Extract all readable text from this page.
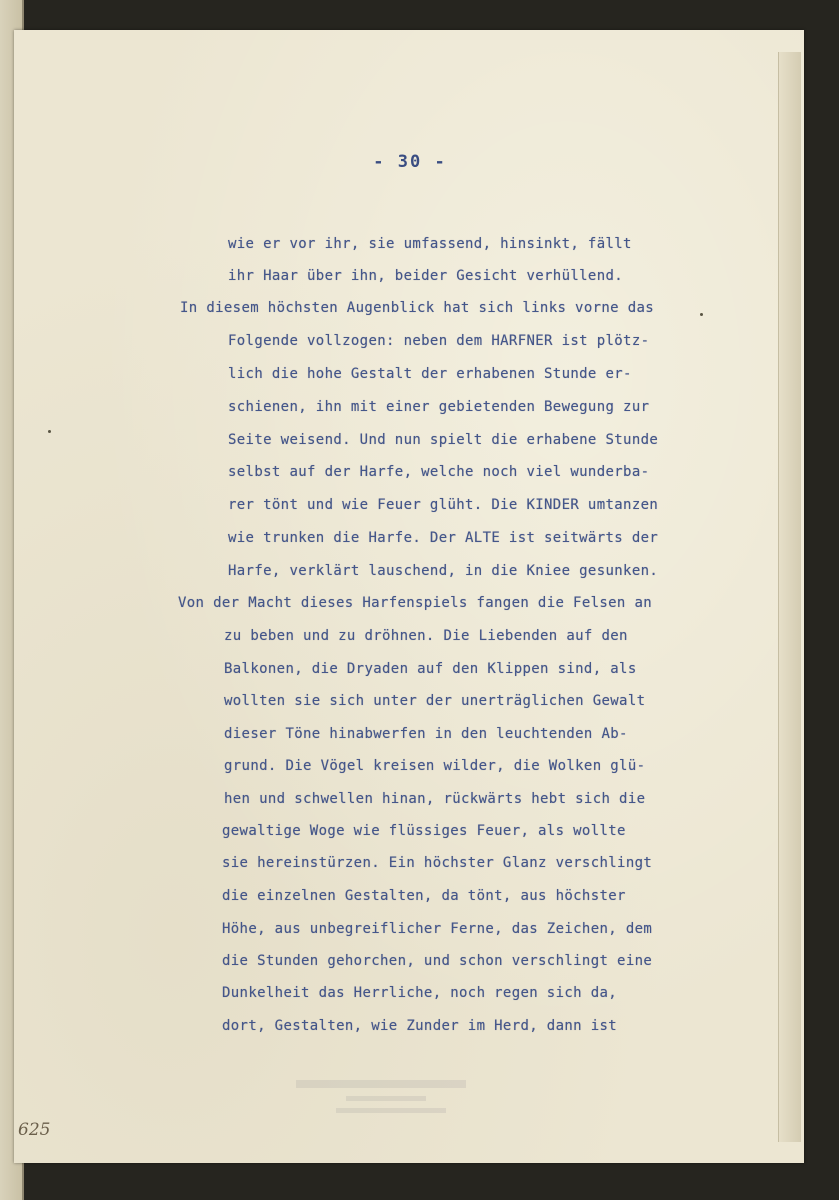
- 30 -
wie er vor ihr, sie umfassend, hinsinkt, fällt
ihr Haar über ihn, beider Gesicht verhüllend.
In diesem höchsten Augenblick hat sich links vorne das
Folgende vollzogen: neben dem HARFNER ist plötz-
lich die hohe Gestalt der erhabenen Stunde er-
schienen, ihn mit einer gebietenden Bewegung zur
Seite weisend. Und nun spielt die erhabene Stunde
selbst auf der Harfe, welche noch viel wunderba-
rer tönt und wie Feuer glüht. Die KINDER umtanzen
wie trunken die Harfe. Der ALTE ist seitwärts der
Harfe, verklärt lauschend, in die Kniee gesunken.
Von der Macht dieses Harfenspiels fangen die Felsen an
zu beben und zu dröhnen. Die Liebenden auf den
Balkonen, die Dryaden auf den Klippen sind, als
wollten sie sich unter der unerträglichen Gewalt
dieser Töne hinabwerfen in den leuchtenden Ab-
grund. Die Vögel kreisen wilder, die Wolken glü-
hen und schwellen hinan, rückwärts hebt sich die
gewaltige Woge wie flüssiges Feuer, als wollte
sie hereinstürzen. Ein höchster Glanz verschlingt
die einzelnen Gestalten, da tönt, aus höchster
Höhe, aus unbegreiflicher Ferne, das Zeichen, dem
die Stunden gehorchen, und schon verschlingt eine
Dunkelheit das Herrliche, noch regen sich da,
dort, Gestalten, wie Zunder im Herd, dann ist
625
